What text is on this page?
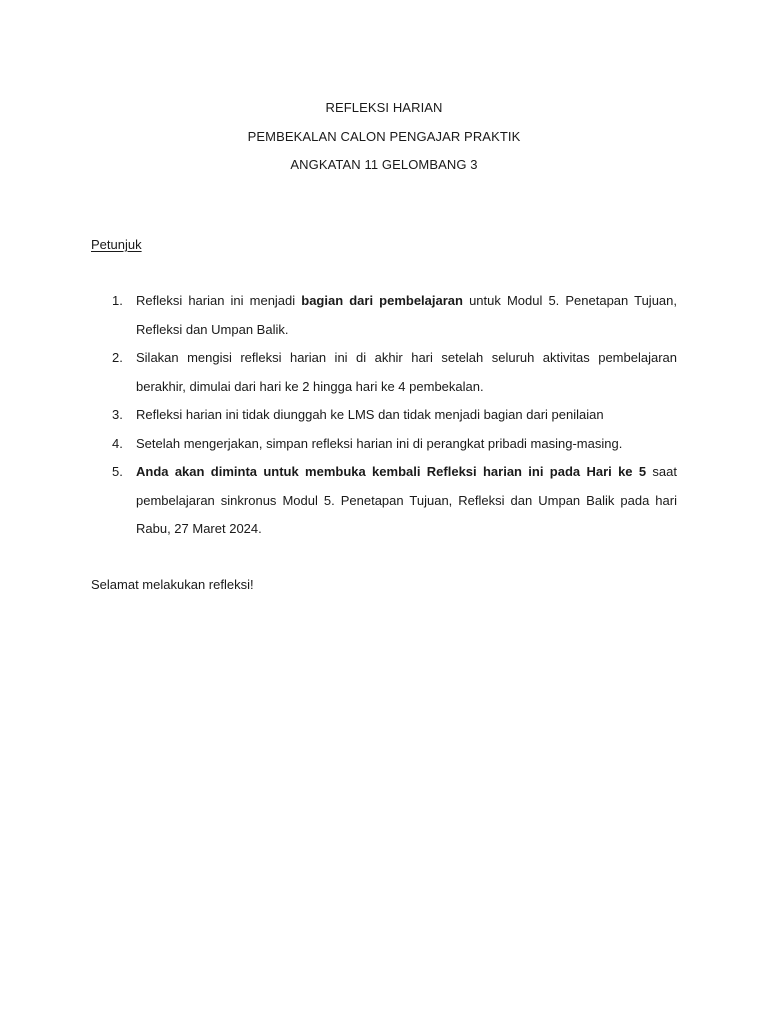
REFLEKSI HARIAN
PEMBEKALAN CALON PENGAJAR PRAKTIK
ANGKATAN 11 GELOMBANG 3
Petunjuk
1. Refleksi harian ini menjadi bagian dari pembelajaran untuk Modul 5. Penetapan Tujuan, Refleksi dan Umpan Balik.
2. Silakan mengisi refleksi harian ini di akhir hari setelah seluruh aktivitas pembelajaran berakhir, dimulai dari hari ke 2 hingga hari ke 4 pembekalan.
3. Refleksi harian ini tidak diunggah ke LMS dan tidak menjadi bagian dari penilaian
4. Setelah mengerjakan, simpan refleksi harian ini di perangkat pribadi masing-masing.
5. Anda akan diminta untuk membuka kembali Refleksi harian ini pada Hari ke 5 saat pembelajaran sinkronus Modul 5. Penetapan Tujuan, Refleksi dan Umpan Balik pada hari Rabu, 27 Maret 2024.
Selamat melakukan refleksi!
